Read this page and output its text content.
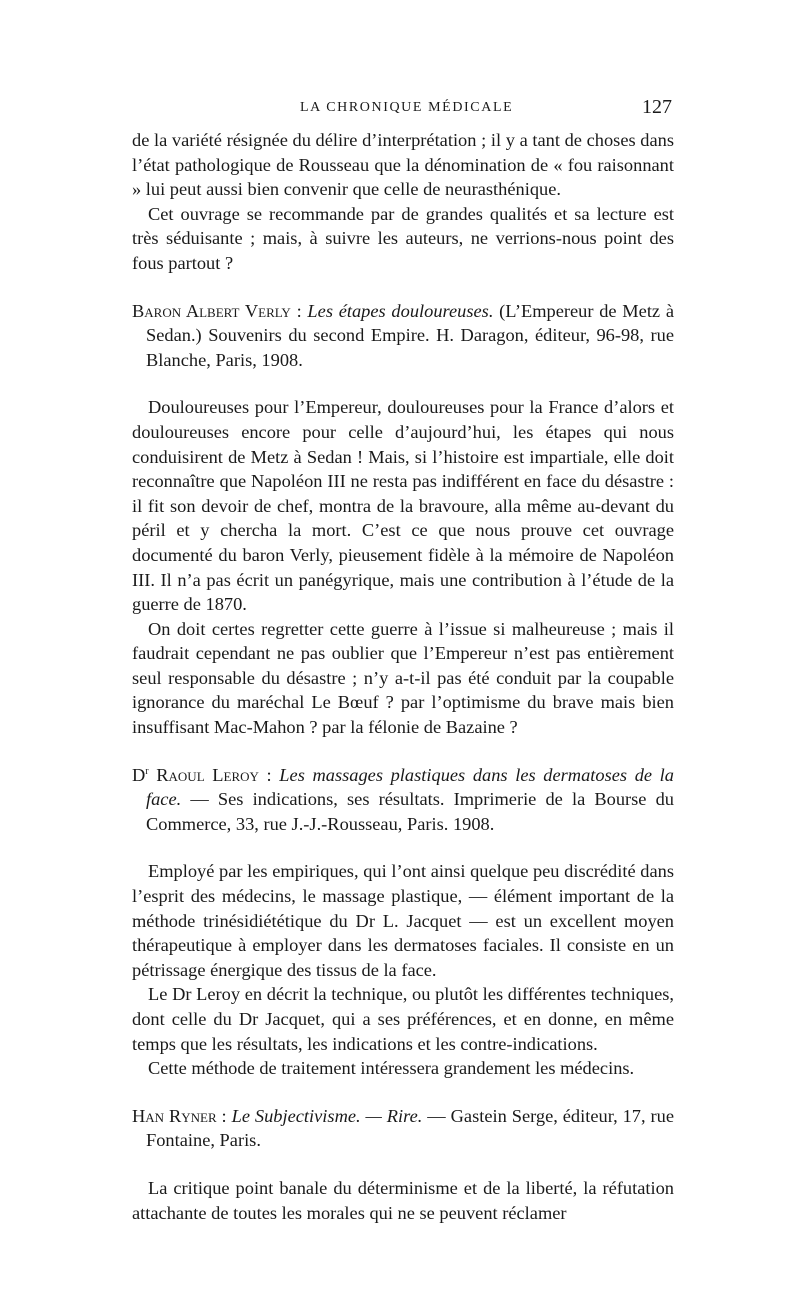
LA CHRONIQUE MÉDICALE	127

de la variété résignée du délire d’interprétation ; il y a tant de choses dans l’état pathologique de Rousseau que la dénomination de « fou raisonnant » lui peut aussi bien convenir que celle de neurasthénique.

Cet ouvrage se recommande par de grandes qualités et sa lecture est très séduisante ; mais, à suivre les auteurs, ne verrions-nous point des fous partout ?

Baron Albert Verly : Les étapes douloureuses. (L’Empereur de Metz à Sedan.) Souvenirs du second Empire. H. Daragon, éditeur, 96-98, rue Blanche, Paris, 1908.

Douloureuses pour l’Empereur, douloureuses pour la France d’alors et douloureuses encore pour celle d’aujourd’hui, les étapes qui nous conduisirent de Metz à Sedan ! Mais, si l’histoire est impartiale, elle doit reconnaître que Napoléon III ne resta pas indifférent en face du désastre : il fit son devoir de chef, montra de la bravoure, alla même au-devant du péril et y chercha la mort. C’est ce que nous prouve cet ouvrage documenté du baron Verly, pieusement fidèle à la mémoire de Napoléon III. Il n’a pas écrit un panégyrique, mais une contribution à l’étude de la guerre de 1870.

On doit certes regretter cette guerre à l’issue si malheureuse ; mais il faudrait cependant ne pas oublier que l’Empereur n’est pas entièrement seul responsable du désastre ; n’y a-t-il pas été conduit par la coupable ignorance du maréchal Le Bœuf ? par l’optimisme du brave mais bien insuffisant Mac-Mahon ? par la félonie de Bazaine ?

$D^r$ Raoul Leroy : Les massages plastiques dans les dermatoses de la face. — Ses indications, ses résultats. Imprimerie de la Bourse du Commerce, 33, rue J.-J.-Rousseau, Paris. 1908.

Employé par les empiriques, qui l’ont ainsi quelque peu discrédité dans l’esprit des médecins, le massage plastique, — élément important de la méthode trinésidiététique du Dr L. Jacquet — est un excellent moyen thérapeutique à employer dans les dermatoses faciales. Il consiste en un pétrissage énergique des tissus de la face.

Le Dr Leroy en décrit la technique, ou plutôt les différentes techniques, dont celle du Dr Jacquet, qui a ses préférences, et en donne, en même temps que les résultats, les indications et les contre-indications.

Cette méthode de traitement intéressera grandement les médecins.

Han Ryner : Le Subjectivisme. — Rire. — Gastein Serge, éditeur, 17, rue Fontaine, Paris.

La critique point banale du déterminisme et de la liberté, la réfutation attachante de toutes les morales qui ne se peuvent réclamer
